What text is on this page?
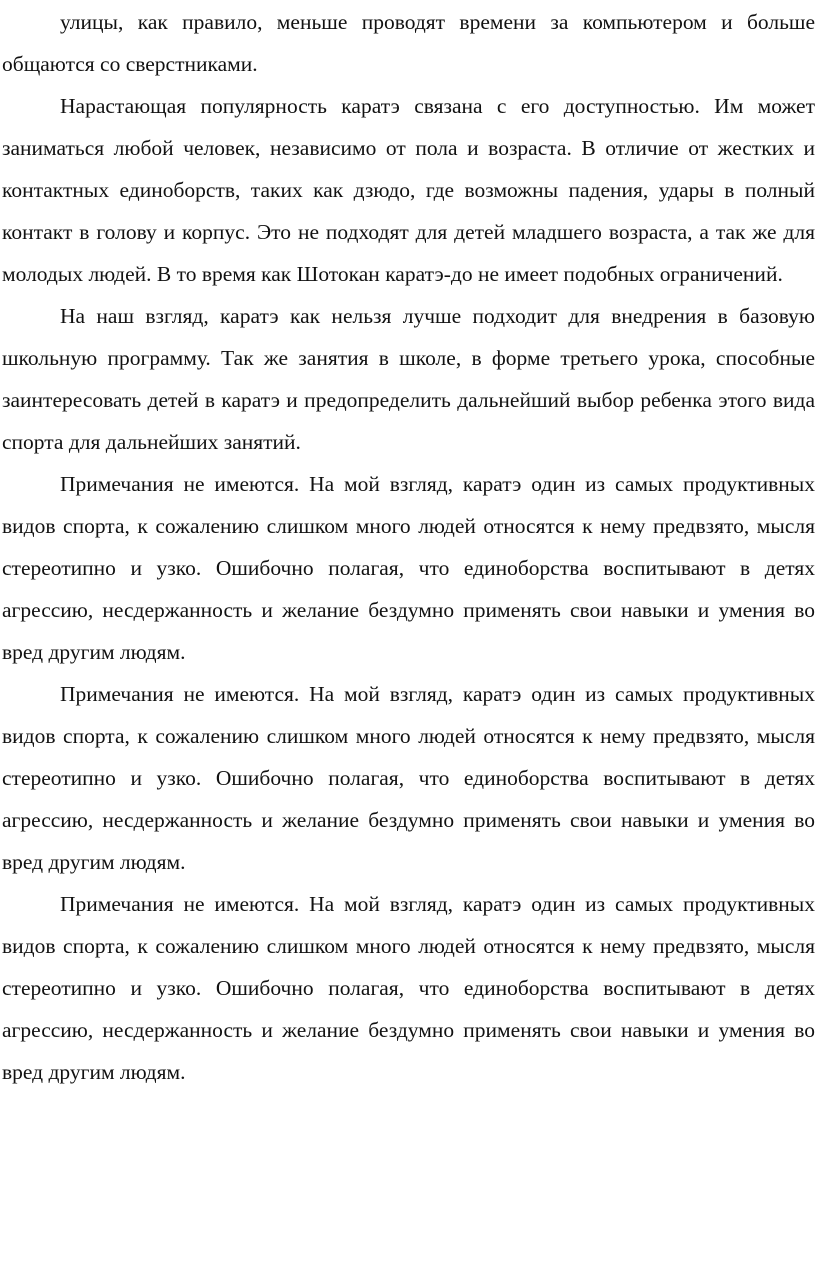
улицы, как правило, меньше проводят времени за компьютером и больше общаются со сверстниками.

Нарастающая популярность каратэ связана с его доступностью. Им может заниматься любой человек, независимо от пола и возраста. В отличие от жестких и контактных единоборств, таких как дзюдо, где возможны падения, удары в полный контакт в голову и корпус. Это не подходят для детей младшего возраста, а так же для молодых людей. В то время как Шотокан каратэ-до не имеет подобных ограничений.

На наш взгляд, каратэ как нельзя лучше подходит для внедрения в базовую школьную программу. Так же занятия в школе, в форме третьего урока, способные заинтересовать детей в каратэ и предопределить дальнейший выбор ребенка этого вида спорта для дальнейших занятий.

Примечания не имеются. На мой взгляд, каратэ один из самых продуктивных видов спорта, к сожалению слишком много людей относятся к нему предвзято, мысля стереотипно и узко. Ошибочно полагая, что единоборства воспитывают в детях агрессию, несдержанность и желание бездумно применять свои навыки и умения во вред другим людям.

Примечания не имеются. На мой взгляд, каратэ один из самых продуктивных видов спорта, к сожалению слишком много людей относятся к нему предвзято, мысля стереотипно и узко. Ошибочно полагая, что единоборства воспитывают в детях агрессию, несдержанность и желание бездумно применять свои навыки и умения во вред другим людям.

Примечания не имеются. На мой взгляд, каратэ один из самых продуктивных видов спорта, к сожалению слишком много людей относятся к нему предвзято, мысля стереотипно и узко. Ошибочно полагая, что единоборства воспитывают в детях агрессию, несдержанность и желание бездумно применять свои навыки и умения во вред другим людям.
